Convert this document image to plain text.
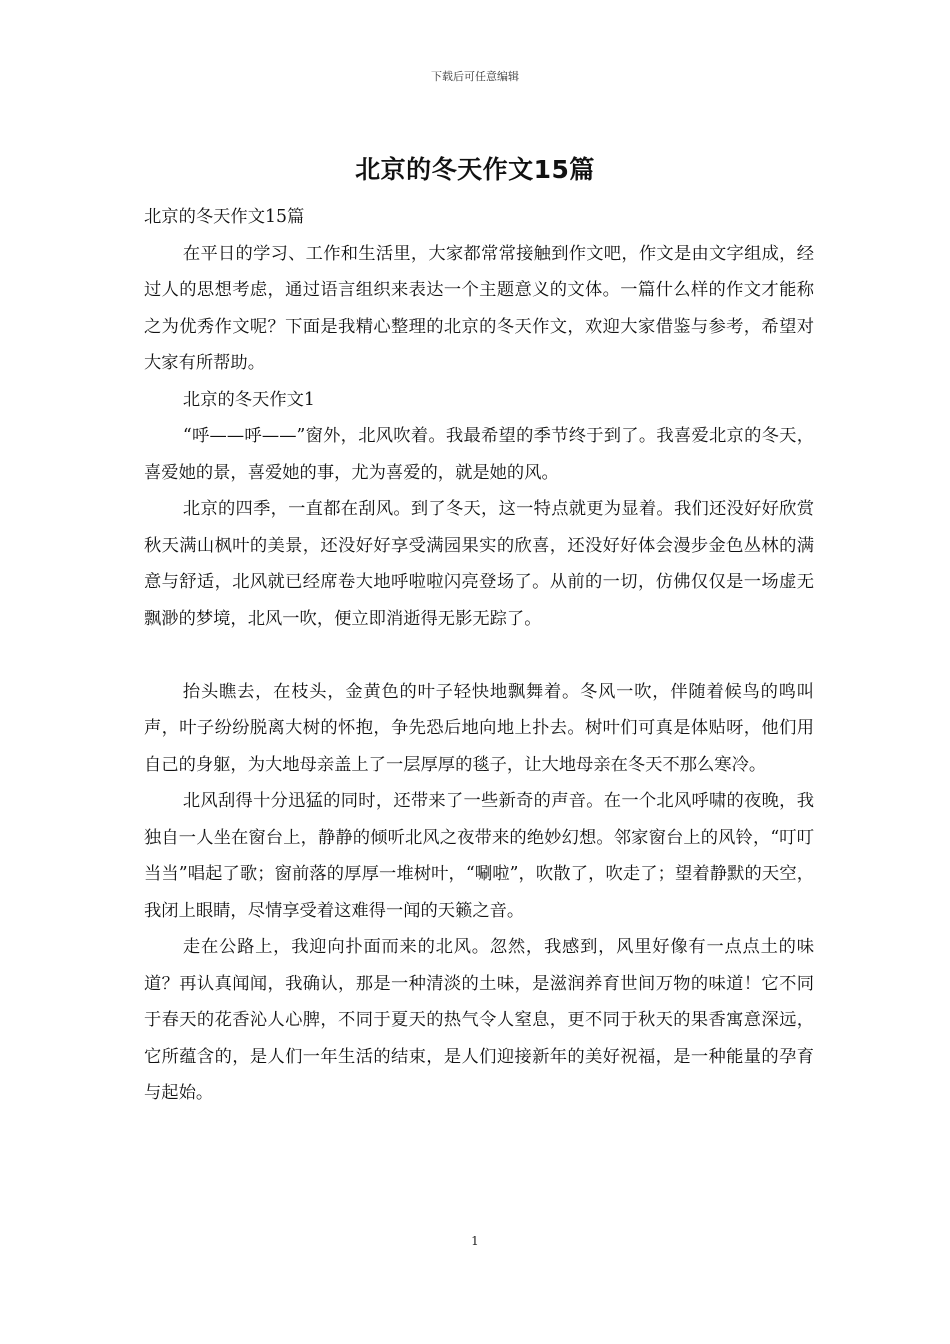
下载后可任意编辑
北京的冬天作文15篇

北京的冬天作文15篇

在平日的学习、工作和生活里，大家都常常接触到作文吧，作文是由文字组成，经过人的思想考虑，通过语言组织来表达一个主题意义的文体。一篇什么样的作文才能称之为优秀作文呢？下面是我精心整理的北京的冬天作文，欢迎大家借鉴与参考，希望对大家有所帮助。

北京的冬天作文1

“呼——呼——”窗外，北风吹着。我最希望的季节终于到了。我喜爱北京的冬天，喜爱她的景，喜爱她的事，尤为喜爱的，就是她的风。

北京的四季，一直都在刮风。到了冬天，这一特点就更为显着。我们还没好好欣赏秋天满山枫叶的美景，还没好好享受满园果实的欣喜，还没好好体会漫步金色丛林的满意与舒适，北风就已经席卷大地呼啦啦闪亮登场了。从前的一切，仿佛仅仅是一场虚无飘渺的梦境，北风一吹，便立即消逝得无影无踪了。

抬头瞧去，在枝头，金黄色的叶子轻快地飘舞着。冬风一吹，伴随着候鸟的鸣叫声，叶子纷纷脱离大树的怀抱，争先恐后地向地上扑去。树叶们可真是体贴呀，他们用自己的身躯，为大地母亲盖上了一层厚厚的毯子，让大地母亲在冬天不那么寒冷。

北风刮得十分迅猛的同时，还带来了一些新奇的声音。在一个北风呼啸的夜晚，我独自一人坐在窗台上，静静的倾听北风之夜带来的绝妙幻想。邻家窗台上的风铃，“叮叮当当”唱起了歌；窗前落的厚厚一堆树叶，“唰啦”，吹散了，吹走了；望着静默的天空，我闭上眼睛，尽情享受着这难得一闻的天籁之音。

走在公路上，我迎向扑面而来的北风。忽然，我感到，风里好像有一点点土的味道？再认真闻闻，我确认，那是一种清淡的土味，是滋润养育世间万物的味道！它不同于春天的花香沁人心脾，不同于夏天的热气令人窒息，更不同于秋天的果香寓意深远，它所蕴含的，是人们一年生活的结束，是人们迎接新年的美好祝福，是一种能量的孕育与起始。

1
